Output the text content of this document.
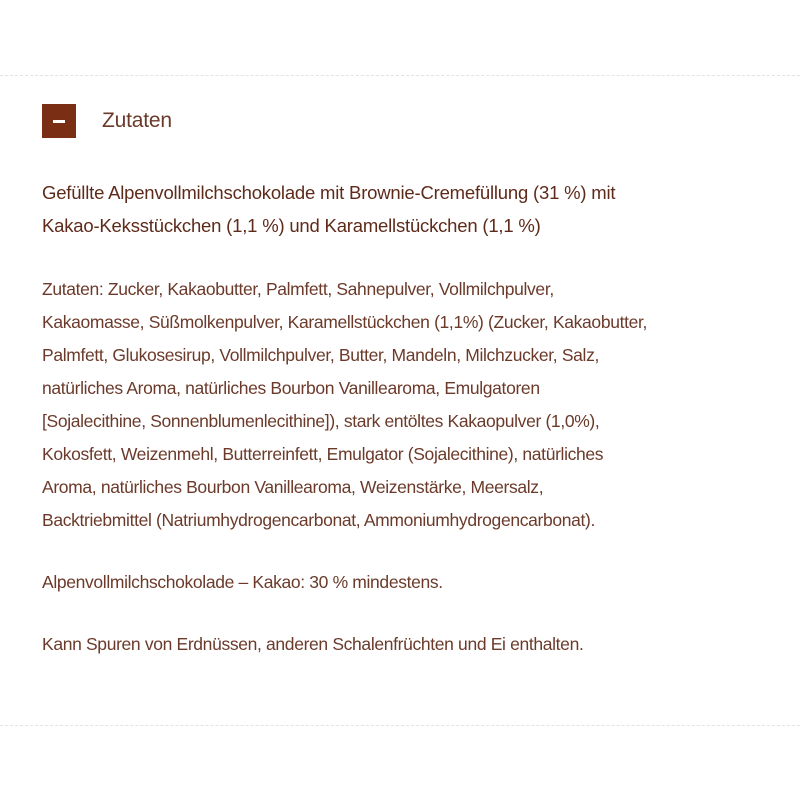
Zutaten
Gefüllte Alpenvollmilchschokolade mit Brownie-Cremefüllung (31 %) mit
Kakao-Keksstückchen (1,1 %) und Karamellstückchen (1,1 %)

Zutaten: Zucker, Kakaobutter, Palmfett, Sahnepulver, Vollmilchpulver,
Kakaomasse, Süßmolkenpulver, Karamellstückchen (1,1%) (Zucker, Kakaobutter,
Palmfett, Glukosesirup, Vollmilchpulver, Butter, Mandeln, Milchzucker, Salz,
natürliches Aroma, natürliches Bourbon Vanillearoma, Emulgatoren
[Sojalecithine, Sonnenblumenlecithine]), stark entöltes Kakaopulver (1,0%),
Kokosfett, Weizenmehl, Butterreinfett, Emulgator (Sojalecithine), natürliches
Aroma, natürliches Bourbon Vanillearoma, Weizenstärke, Meersalz,
Backtriebmittel (Natriumhydrogencarbonat, Ammoniumhydrogencarbonat).

Alpenvollmilchschokolade – Kakao: 30 % mindestens.

Kann Spuren von Erdnüssen, anderen Schalenfrüchten und Ei enthalten.
